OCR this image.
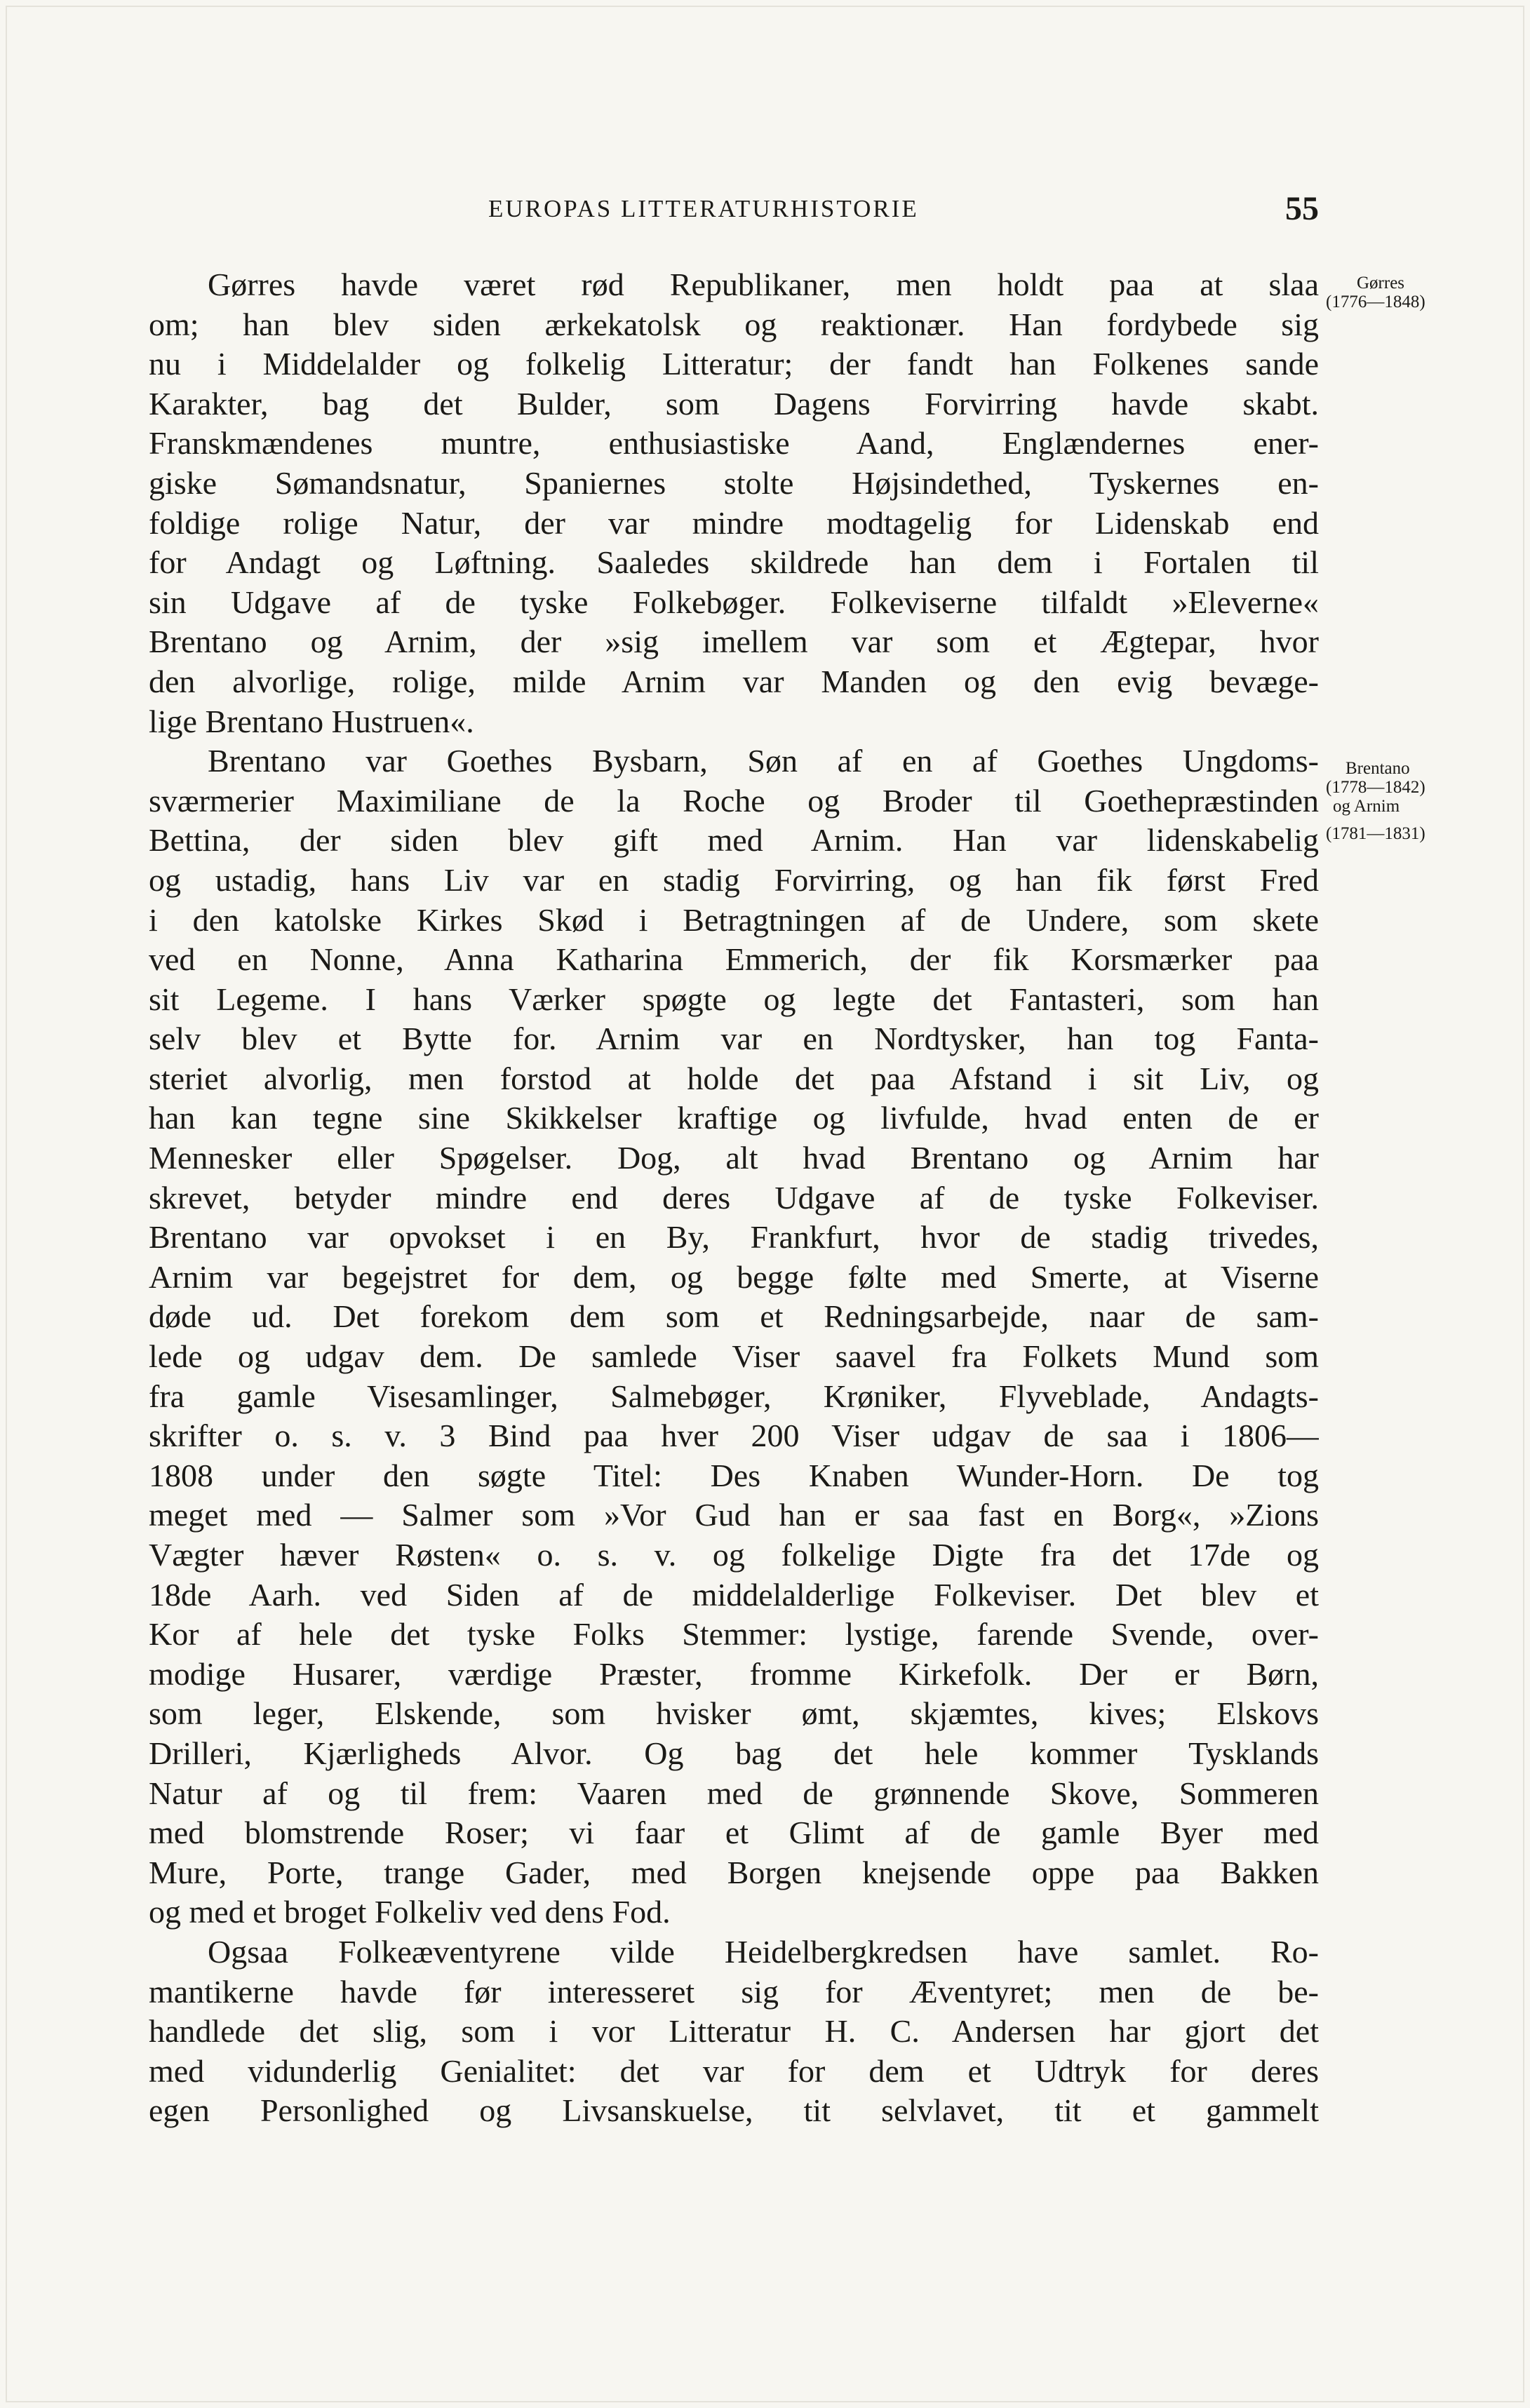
EUROPAS LITTERATURHISTORIE	55
Gørres
(1776—1848)
Brentano
(1778—1842)
og Arnim
(1781—1831)
Gørres havde været rød Republikaner, men holdt paa at slaa
om; han blev siden ærkekatolsk og reaktionær. Han fordybede sig
nu i Middelalder og folkelig Litteratur; der fandt han Folkenes sande
Karakter, bag det Bulder, som Dagens Forvirring havde skabt.
Franskmændenes muntre, enthusiastiske Aand, Englændernes ener-
giske Sømandsnatur, Spaniernes stolte Højsindethed, Tyskernes en-
foldige rolige Natur, der var mindre modtagelig for Lidenskab end
for Andagt og Løftning. Saaledes skildrede han dem i Fortalen til
sin Udgave af de tyske Folkebøger. Folkeviserne tilfaldt »Eleverne«
Brentano og Arnim, der »sig imellem var som et Ægtepar, hvor
den alvorlige, rolige, milde Arnim var Manden og den evig bevæge-
lige Brentano Hustruen«.
Brentano var Goethes Bysbarn, Søn af en af Goethes Ungdoms-
sværmerier Maximiliane de la Roche og Broder til Goethepræstinden
Bettina, der siden blev gift med Arnim. Han var lidenskabelig
og ustadig, hans Liv var en stadig Forvirring, og han fik først Fred
i den katolske Kirkes Skød i Betragtningen af de Undere, som skete
ved en Nonne, Anna Katharina Emmerich, der fik Korsmærker paa
sit Legeme. I hans Værker spøgte og legte det Fantasteri, som han
selv blev et Bytte for. Arnim var en Nordtysker, han tog Fanta-
steriet alvorlig, men forstod at holde det paa Afstand i sit Liv, og
han kan tegne sine Skikkelser kraftige og livfulde, hvad enten de er
Mennesker eller Spøgelser. Dog, alt hvad Brentano og Arnim har
skrevet, betyder mindre end deres Udgave af de tyske Folkeviser.
Brentano var opvokset i en By, Frankfurt, hvor de stadig trivedes,
Arnim var begejstret for dem, og begge følte med Smerte, at Viserne
døde ud. Det forekom dem som et Redningsarbejde, naar de sam-
lede og udgav dem. De samlede Viser saavel fra Folkets Mund som
fra gamle Visesamlinger, Salmebøger, Krøniker, Flyveblade, Andagts-
skrifter o. s. v. 3 Bind paa hver 200 Viser udgav de saa i 1806—
1808 under den søgte Titel: Des Knaben Wunder-Horn. De tog
meget med — Salmer som »Vor Gud han er saa fast en Borg«, »Zions
Vægter hæver Røsten« o. s. v. og folkelige Digte fra det 17de og
18de Aarh. ved Siden af de middelalderlige Folkeviser. Det blev et
Kor af hele det tyske Folks Stemmer: lystige, farende Svende, over-
modige Husarer, værdige Præster, fromme Kirkefolk. Der er Børn,
som leger, Elskende, som hvisker ømt, skjæmtes, kives; Elskovs
Drilleri, Kjærligheds Alvor. Og bag det hele kommer Tysklands
Natur af og til frem: Vaaren med de grønnende Skove, Sommeren
med blomstrende Roser; vi faar et Glimt af de gamle Byer med
Mure, Porte, trange Gader, med Borgen knejsende oppe paa Bakken
og med et broget Folkeliv ved dens Fod.
Ogsaa Folkeæventyrene vilde Heidelbergkredsen have samlet. Ro-
mantikerne havde før interesseret sig for Æventyret; men de be-
handlede det slig, som i vor Litteratur H. C. Andersen har gjort det
med vidunderlig Genialitet: det var for dem et Udtryk for deres
egen Personlighed og Livsanskuelse, tit selvlavet, tit et gammelt
